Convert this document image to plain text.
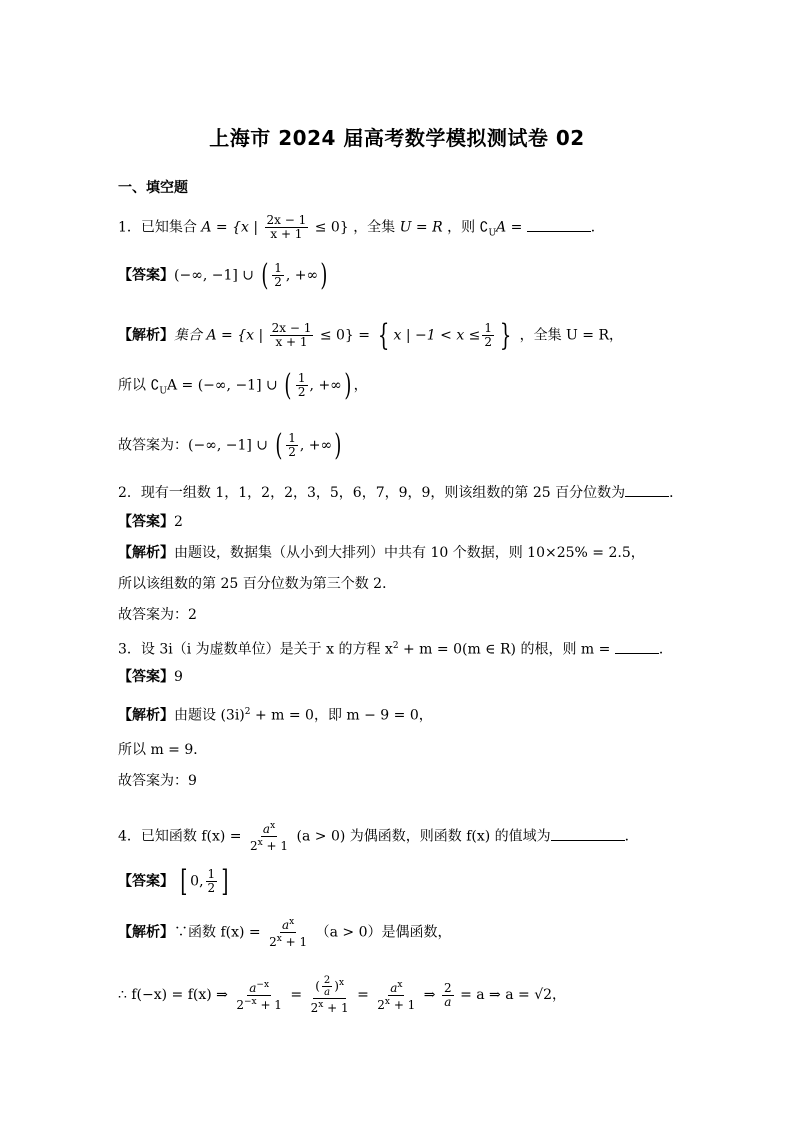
上海市 2024 届高考数学模拟测试卷 02
一、填空题
1．已知集合 A = {x | $\frac{2x - 1}{x + 1} \le 0$} ，全集 U = R ，则 $∁_UA$ =	．
【答案】(−∞, −1] ∪ ( $\frac{1}{2}$ , +∞)
【解析】集合 A = {x | $\frac{2x - 1}{x + 1} \le 0$} = { x | $-1 < x \le \frac{1}{2}$ } ，全集 U = R，
所以 $∁_UA$ = (−∞, −1] ∪ ( $\frac{1}{2}$ , +∞) ，
故答案为：(−∞, −1] ∪ ( $\frac{1}{2}$ , +∞)
2．现有一组数 1，1，2，2，3，5，6，7，9，9，则该组数的第 25 百分位数为	．
【答案】2
【解析】由题设，数据集（从小到大排列）中共有 10 个数据，则 10×25% = 2.5，
所以该组数的第 25 百分位数为第三个数 2．
故答案为：2
3．设 3i（i 为虚数单位）是关于 x 的方程 $x^2 + m = 0(m$ ∈ R) 的根，则 m =	．
【答案】9
【解析】由题设 $(3i)^2 + m = 0$，即 m − 9 = 0，
所以 m = 9．
故答案为：9
4．已知函数 $f(x) = \frac{a^x}{2^x + 1} (a > 0)$ 为偶函数，则函数 f(x) 的值域为	．
【答案】 [ 0, $\frac{1}{2}$ ]
【解析】∵函数 $f(x) = \frac{a^x}{2^x + 1} (a > 0)$是偶函数，
∴ f(−x) = f(x) ⇒ $\frac{a^{-x}}{2^{-x} + 1} = \frac{( \frac{2}{a} )^x}{2^x + 1} = \frac{a^x}{2^x + 1}$ ⇒ $\frac{2}{a} = a$ ⇒ a = √2，
